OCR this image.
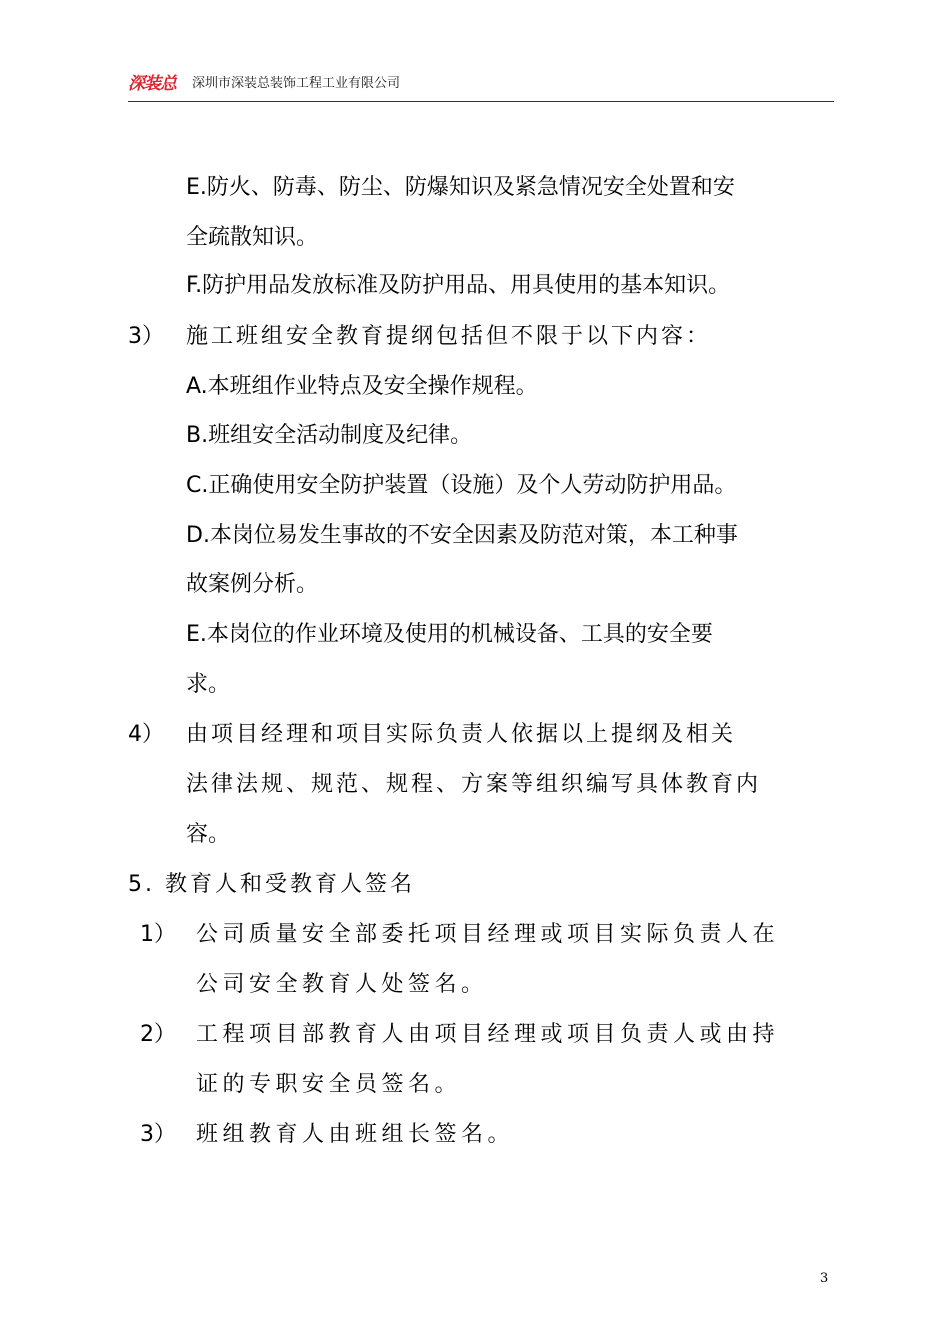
深装总	深圳市深装总装饰工程工业有限公司
E.防火、防毒、防尘、防爆知识及紧急情况安全处置和安
全疏散知识。
F.防护用品发放标准及防护用品、用具使用的基本知识。
3） 施工班组安全教育提纲包括但不限于以下内容：
A.本班组作业特点及安全操作规程。
B.班组安全活动制度及纪律。
C.正确使用安全防护装置（设施）及个人劳动防护用品。
D.本岗位易发生事故的不安全因素及防范对策，本工种事
故案例分析。
E.本岗位的作业环境及使用的机械设备、工具的安全要
求。
4） 由项目经理和项目实际负责人依据以上提纲及相关
法律法规、规范、规程、方案等组织编写具体教育内
容。
5. 教育人和受教育人签名
1） 公司质量安全部委托项目经理或项目实际负责人在
公司安全教育人处签名。
2） 工程项目部教育人由项目经理或项目负责人或由持
证的专职安全员签名。
3） 班组教育人由班组长签名。
3
